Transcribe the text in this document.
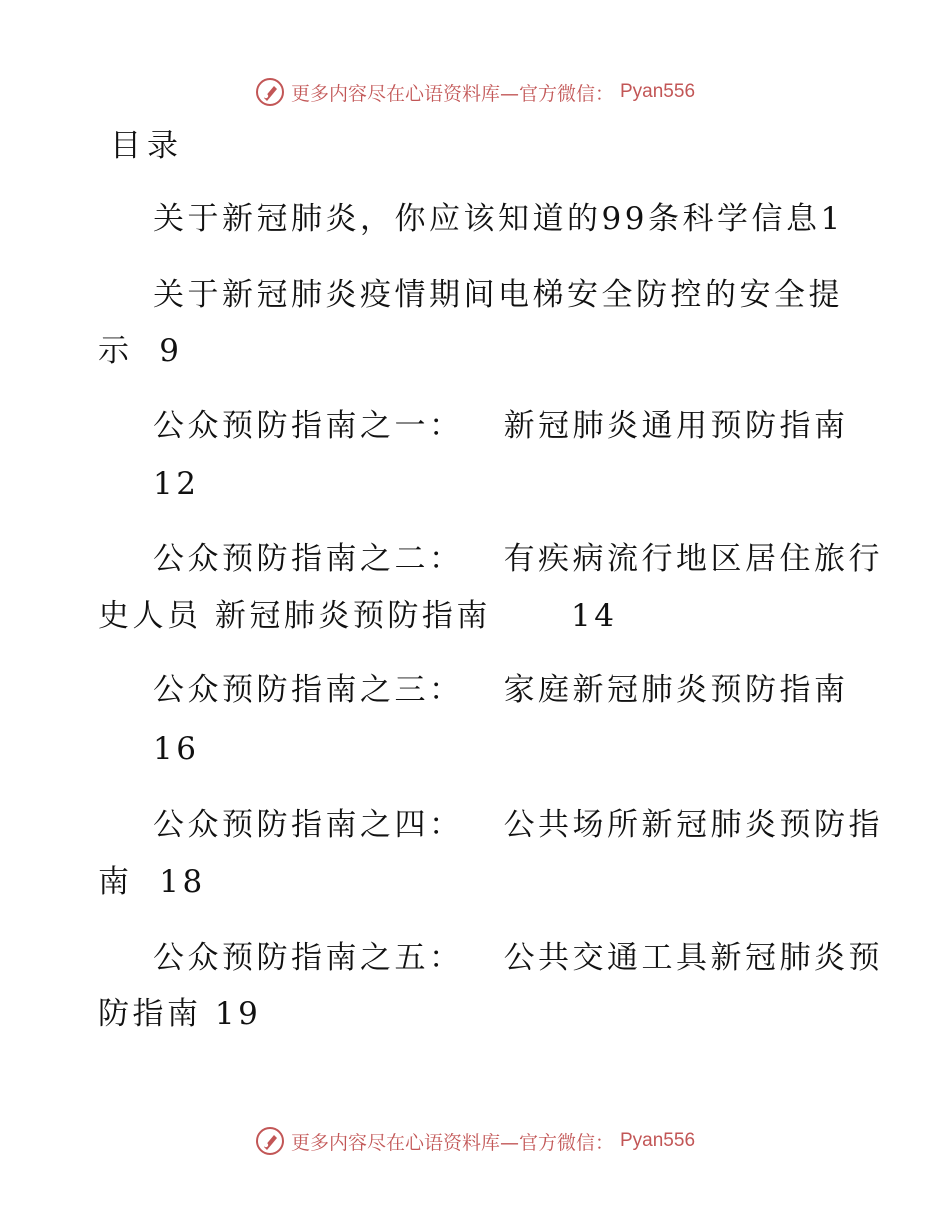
更多内容尽在心语资料库—官方微信： Pyan556
目录
关于新冠肺炎，你应该知道的99条科学信息1
关于新冠肺炎疫情期间电梯安全防控的安全提
示 9
公众预防指南之一： 新冠肺炎通用预防指南
12
公众预防指南之二： 有疾病流行地区居住旅行
史人员 新冠肺炎预防指南	14
公众预防指南之三： 家庭新冠肺炎预防指南
16
公众预防指南之四： 公共场所新冠肺炎预防指
南 18
公众预防指南之五： 公共交通工具新冠肺炎预
防指南 19
更多内容尽在心语资料库—官方微信： Pyan556
